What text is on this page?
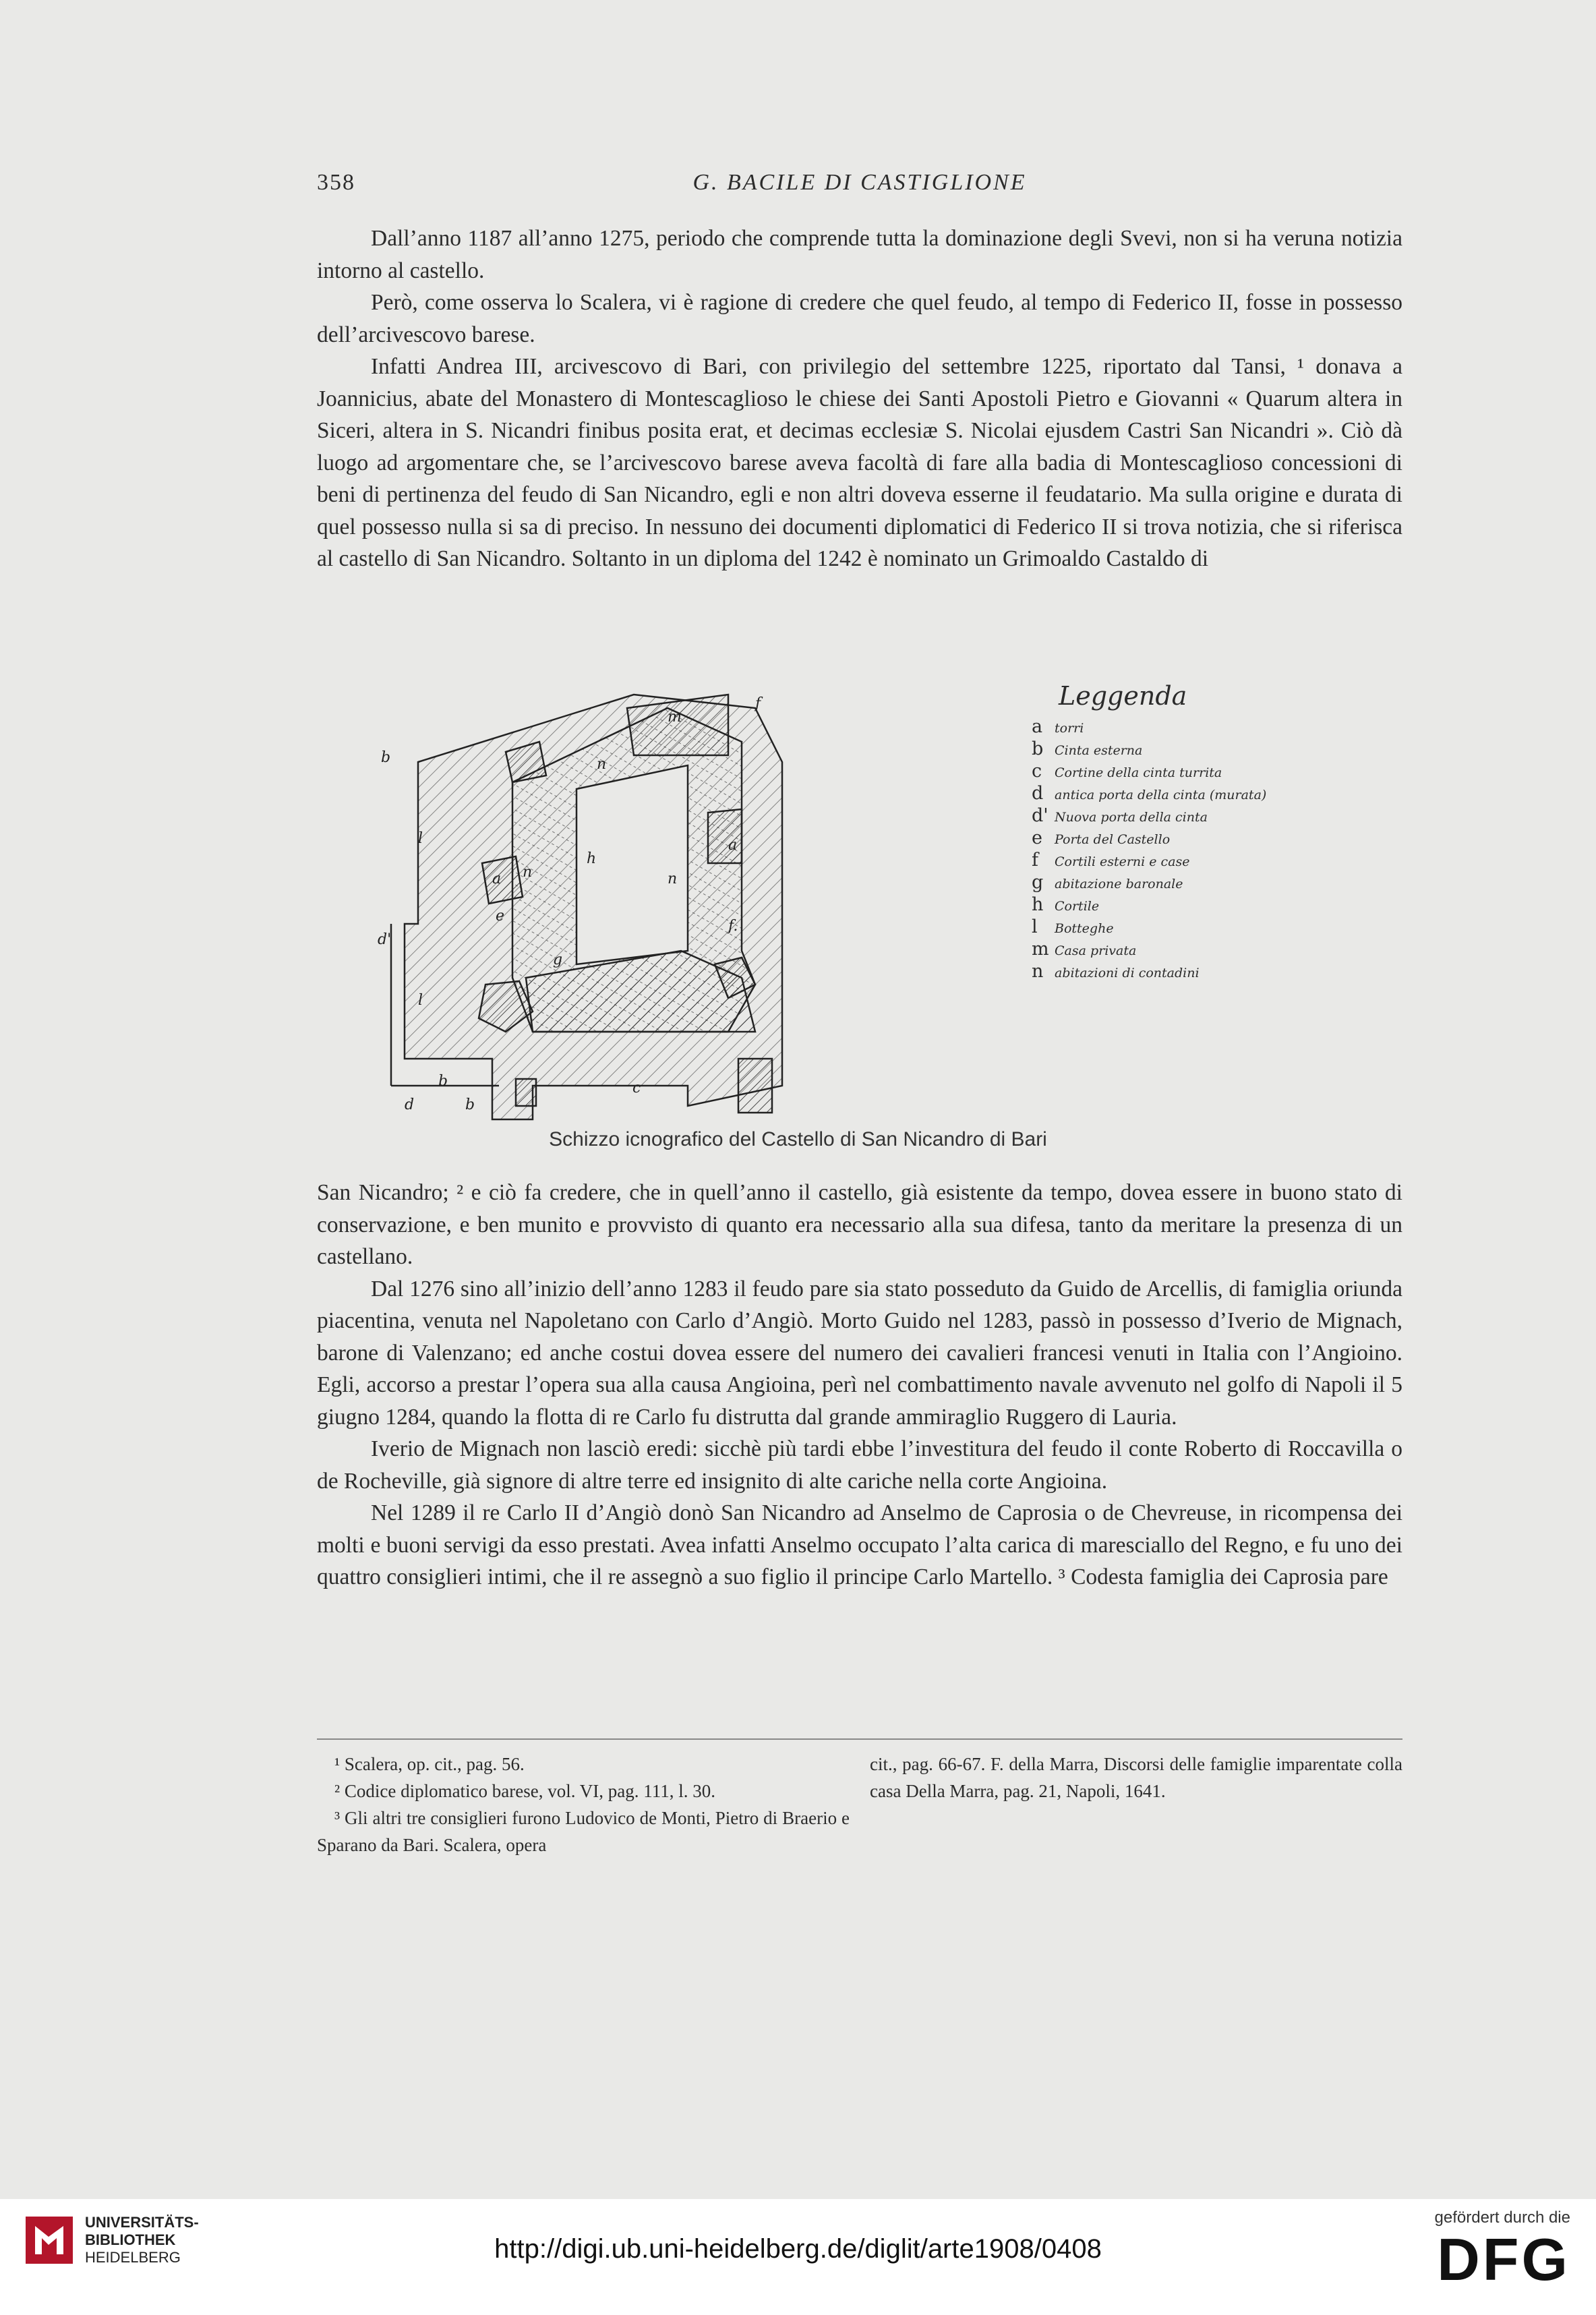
358	G. BACILE DI CASTIGLIONE

Dall’anno 1187 all’anno 1275, periodo che comprende tutta la dominazione degli Svevi, non si ha veruna notizia intorno al castello.

Però, come osserva lo Scalera, vi è ragione di credere che quel feudo, al tempo di Federico II, fosse in possesso dell’arcivescovo barese.

Infatti Andrea III, arcivescovo di Bari, con privilegio del settembre 1225, riportato dal Tansi, ¹ donava a Joannicius, abate del Monastero di Montescaglioso le chiese dei Santi Apostoli Pietro e Giovanni « Quarum altera in Siceri, altera in S. Nicandri finibus posita erat, et decimas ecclesiæ S. Nicolai ejusdem Castri San Nicandri ». Ciò dà luogo ad argomentare che, se l’arcivescovo barese aveva facoltà di fare alla badia di Montescaglioso concessioni di beni di pertinenza del feudo di San Nicandro, egli e non altri doveva esserne il feudatario. Ma sulla origine e durata di quel possesso nulla si sa di preciso. In nessuno dei documenti diplomatici di Federico II si trova notizia, che si riferisca al castello di San Nicandro. Soltanto in un diploma del 1242 è nominato un Grimoaldo Castaldo di

c
b
d	b
b
d'
l
l
e
h
g
m
n
n
n
f
f.
a
a
Leggenda
a torri
b Cinta esterna
c Cortine della cinta turrita
d antica porta della cinta (murata)
d' Nuova porta della cinta
e Porta del Castello
f	Cortili esterni e case
g abitazione baronale
h Cortile
l	Botteghe
m Casa privata
n abitazioni di contadini
Schizzo icnografico del Castello di San Nicandro di Bari

San Nicandro; ² e ciò fa credere, che in quell’anno il castello, già esistente da tempo, dovea essere in buono stato di conservazione, e ben munito e provvisto di quanto era necessario alla sua difesa, tanto da meritare la presenza di un castellano.

Dal 1276 sino all’inizio dell’anno 1283 il feudo pare sia stato posseduto da Guido de Arcellis, di famiglia oriunda piacentina, venuta nel Napoletano con Carlo d’Angiò. Morto Guido nel 1283, passò in possesso d’Iverio de Mignach, barone di Valenzano; ed anche costui dovea essere del numero dei cavalieri francesi venuti in Italia con l’Angioino. Egli, accorso a prestar l’opera sua alla causa Angioina, perì nel combattimento navale avvenuto nel golfo di Napoli il 5 giugno 1284, quando la flotta di re Carlo fu distrutta dal grande ammiraglio Ruggero di Lauria.

Iverio de Mignach non lasciò eredi: sicchè più tardi ebbe l’investitura del feudo il conte Roberto di Roccavilla o de Rocheville, già signore di altre terre ed insignito di alte cariche nella corte Angioina.

Nel 1289 il re Carlo II d’Angiò donò San Nicandro ad Anselmo de Caprosia o de Chevreuse, in ricompensa dei molti e buoni servigi da esso prestati. Avea infatti Anselmo occupato l’alta carica di maresciallo del Regno, e fu uno dei quattro consiglieri intimi, che il re assegnò a suo figlio il principe Carlo Martello. ³ Codesta famiglia dei Caprosia pare

¹ Scalera, op. cit., pag. 56.
² Codice diplomatico barese, vol. VI, pag. 111, l. 30.
³ Gli altri tre consiglieri furono Ludovico de Monti, Pietro di Braerio e Sparano da Bari. Scalera, opera
cit., pag. 66-67. F. della Marra, Discorsi delle famiglie imparentate colla casa Della Marra, pag. 21, Napoli, 1641.
UNIVERSITÄTS-
BIBLIOTHEK
HEIDELBERG	http://digi.ub.uni-heidelberg.de/diglit/arte1908/0408
gefördert durch die
DFG
